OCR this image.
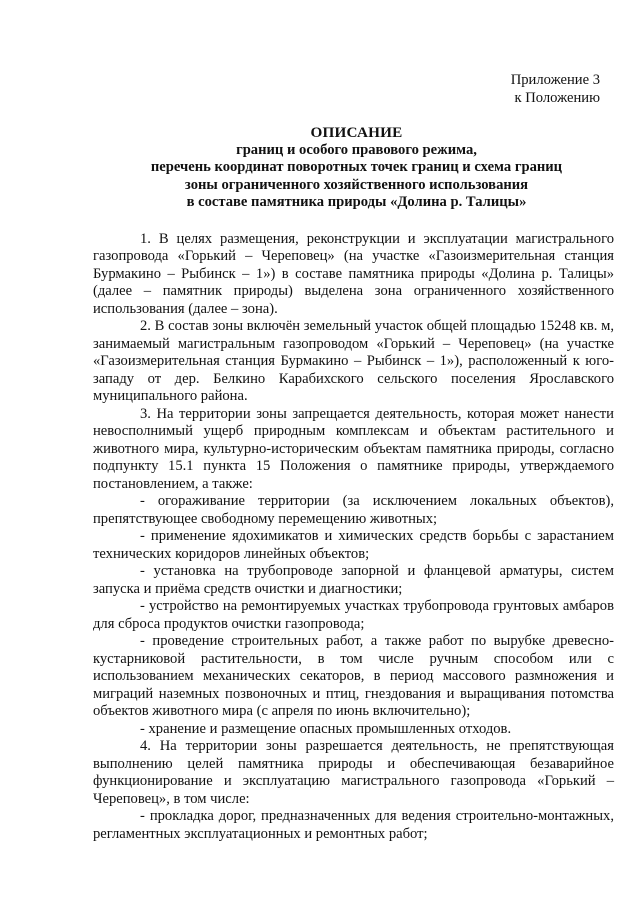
Приложение 3
к Положению
ОПИСАНИЕ
границ и особого правового режима,
перечень координат поворотных точек границ и схема границ
зоны ограниченного хозяйственного использования
в составе памятника природы «Долина р. Талицы»

1. В целях размещения, реконструкции и эксплуатации магистрального газопровода «Горький – Череповец» (на участке «Газоизмерительная станция Бурмакино – Рыбинск – 1») в составе памятника природы «Долина р. Талицы» (далее – памятник природы) выделена зона ограниченного хозяйственного использования (далее – зона).

2. В состав зоны включён земельный участок общей площадью 15248 кв. м, занимаемый магистральным газопроводом «Горький – Череповец» (на участке «Газоизмерительная станция Бурмакино – Рыбинск – 1»), расположенный к юго-западу от дер. Белкино Карабихского сельского поселения Ярославского муниципального района.

3. На территории зоны запрещается деятельность, которая может нанести невосполнимый ущерб природным комплексам и объектам растительного и животного мира, культурно-историческим объектам памятника природы, согласно подпункту 15.1 пункта 15 Положения о памятнике природы, утверждаемого постановлением, а также:

- огораживание территории (за исключением локальных объектов), препятствующее свободному перемещению животных;

- применение ядохимикатов и химических средств борьбы с зарастанием технических коридоров линейных объектов;

- установка на трубопроводе запорной и фланцевой арматуры, систем запуска и приёма средств очистки и диагностики;

- устройство на ремонтируемых участках трубопровода грунтовых амбаров для сброса продуктов очистки газопровода;

- проведение строительных работ, а также работ по вырубке древеснокустарниковой растительности, в том числе ручным способом или с использованием механических секаторов, в период массового размножения и миграций наземных позвоночных и птиц, гнездования и выращивания потомства объектов животного мира (с апреля по июнь включительно);

- хранение и размещение опасных промышленных отходов.

4. На территории зоны разрешается деятельность, не препятствующая выполнению целей памятника природы и обеспечивающая безаварийное функционирование и эксплуатацию магистрального газопровода «Горький – Череповец», в том числе:

- прокладка дорог, предназначенных для ведения строительно-монтажных, регламентных эксплуатационных и ремонтных работ;
